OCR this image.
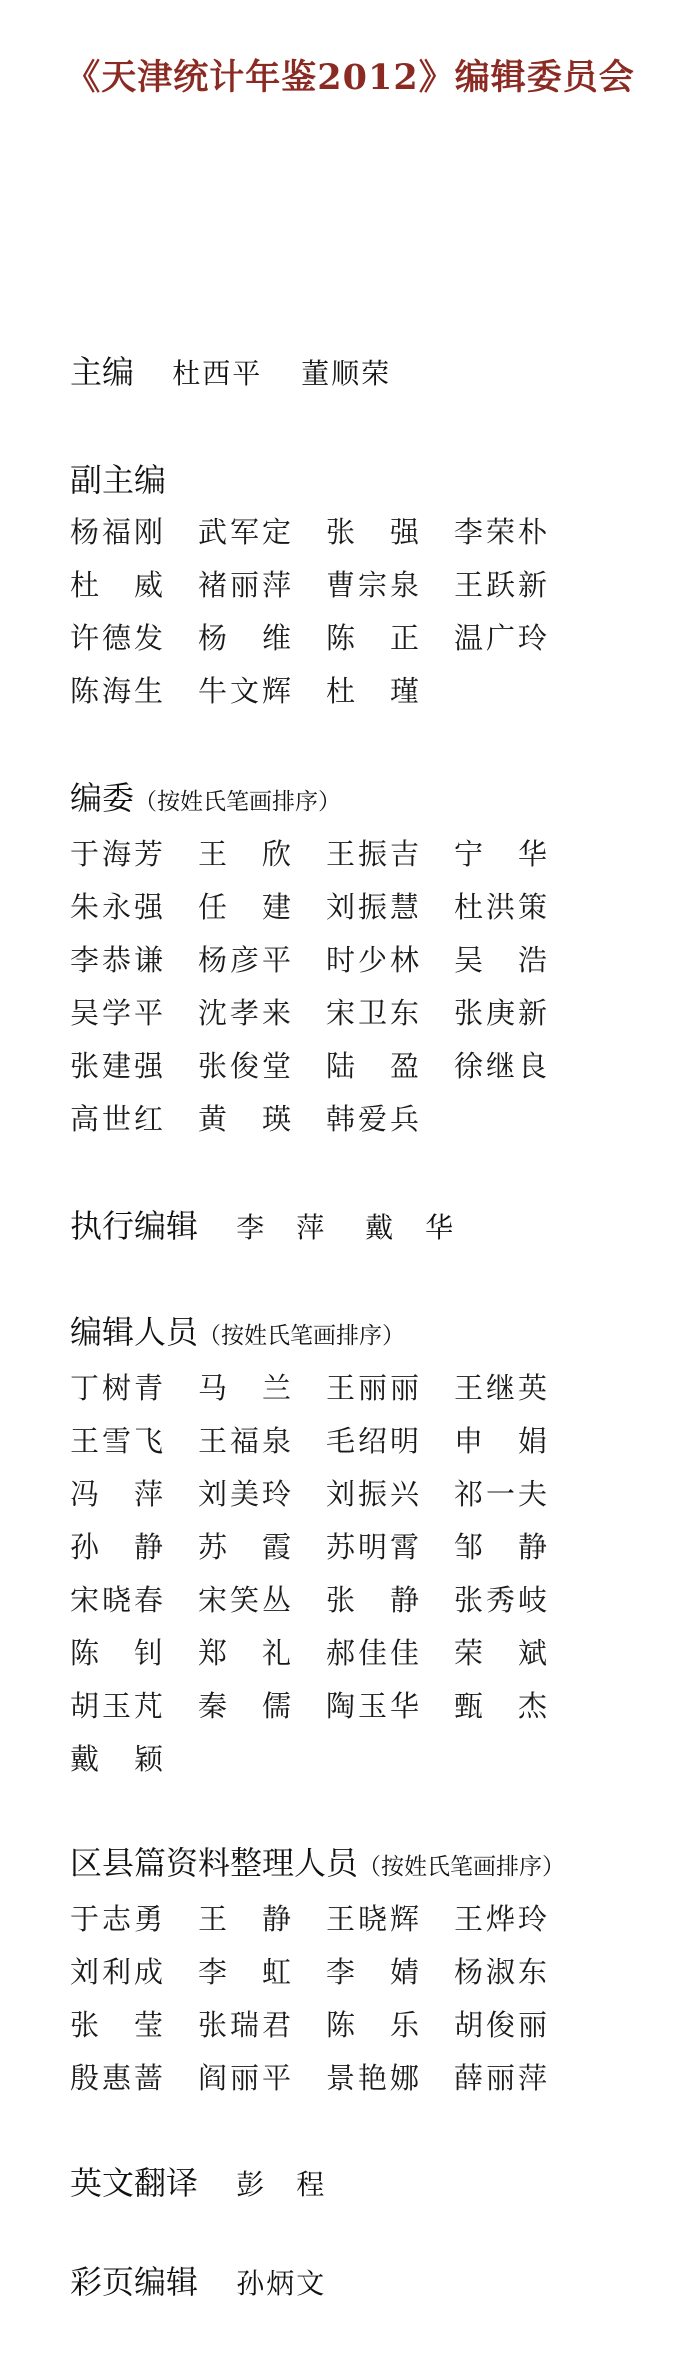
《天津统计年鉴2012》编辑委员会
主编 杜西平 董顺荣
副主编
杨福刚 武军定 张　强 李荣朴
杜　威 褚丽萍 曹宗泉 王跃新
许德发 杨　维 陈　正 温广玲
陈海生 牛文辉 杜　瑾
编委（按姓氏笔画排序）
于海芳 王　欣 王振吉 宁　华
朱永强 任　建 刘振慧 杜洪策
李恭谦 杨彦平 时少林 吴　浩
吴学平 沈孝来 宋卫东 张庚新
张建强 张俊堂 陆　盈 徐继良
高世红 黄　瑛 韩爱兵
执行编辑 李　萍 戴　华
编辑人员（按姓氏笔画排序）
丁树青 马　兰 王丽丽 王继英
王雪飞 王福泉 毛绍明 申　娟
冯　萍 刘美玲 刘振兴 祁一夫
孙　静 苏　霞 苏明霄 邹　静
宋晓春 宋笑丛 张　静 张秀岐
陈　钊 郑　礼 郝佳佳 荣　斌
胡玉芃 秦　儒 陶玉华 甄　杰
戴　颖
区县篇资料整理人员（按姓氏笔画排序）
于志勇 王　静 王晓辉 王烨玲
刘利成 李　虹 李　婧 杨淑东
张　莹 张瑞君 陈　乐 胡俊丽
殷惠蔷 阎丽平 景艳娜 薛丽萍
英文翻译 彭　程
彩页编辑 孙炳文
